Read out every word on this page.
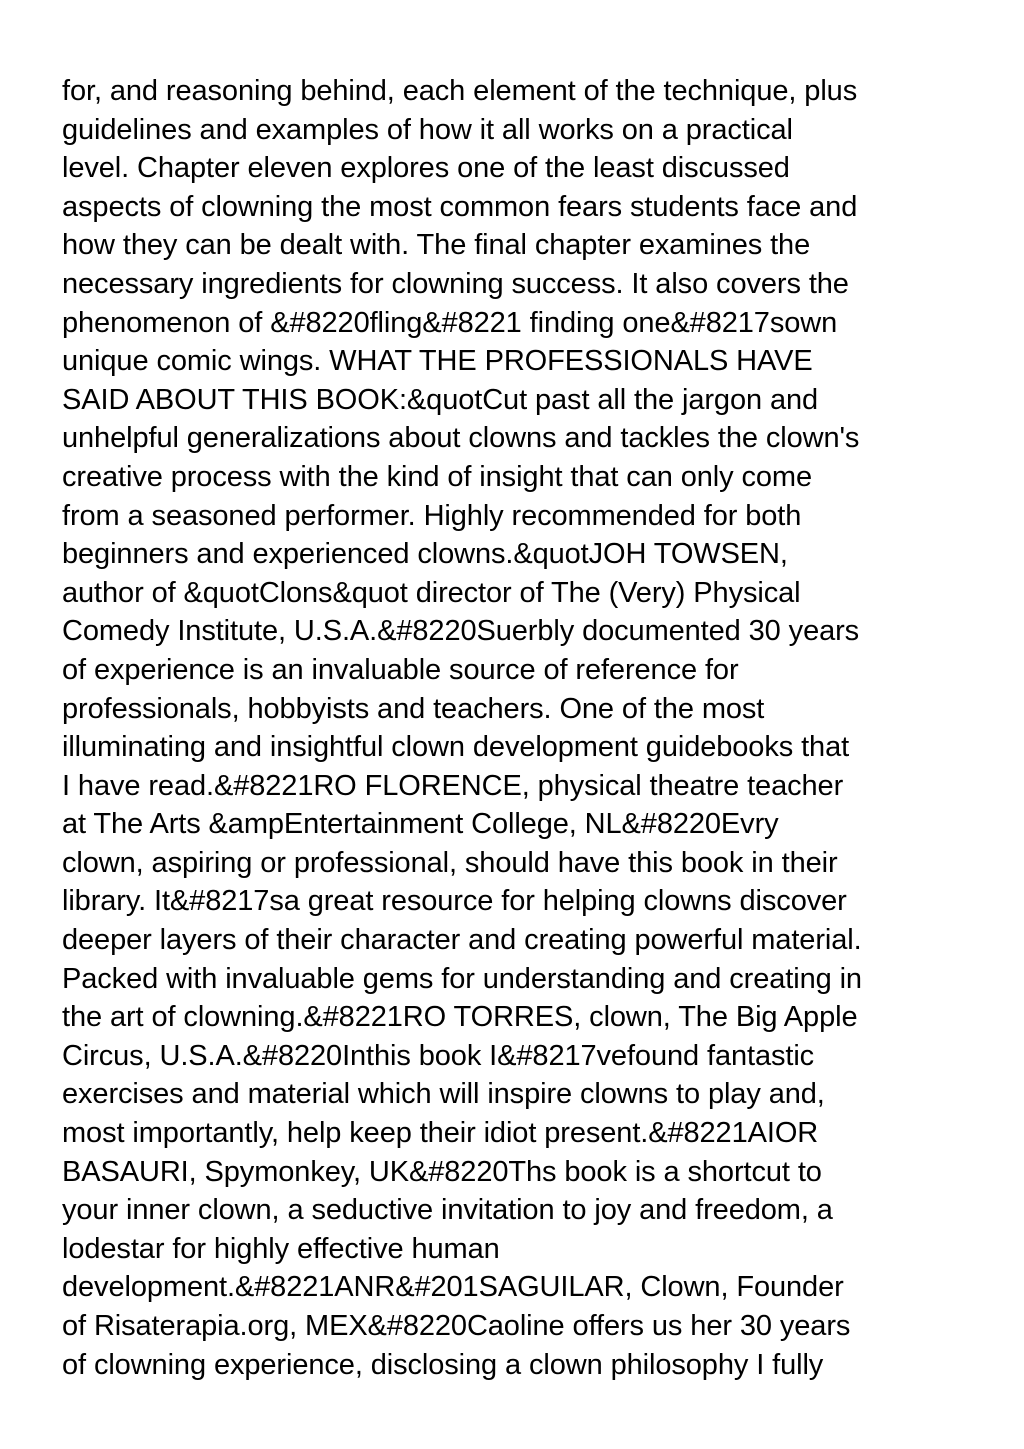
for, and reasoning behind, each element of the technique, plus
guidelines and examples of how it all works on a practical
level. Chapter eleven explores one of the least discussed
aspects of clowning the most common fears students face and
how they can be dealt with. The final chapter examines the
necessary ingredients for clowning success. It also covers the
phenomenon of &#8220fling&#8221 finding one&#8217sown
unique comic wings. WHAT THE PROFESSIONALS HAVE
SAID ABOUT THIS BOOK:&quotCut past all the jargon and
unhelpful generalizations about clowns and tackles the clown's
creative process with the kind of insight that can only come
from a seasoned performer. Highly recommended for both
beginners and experienced clowns.&quotJOH TOWSEN,
author of &quotClons&quot director of The (Very) Physical
Comedy Institute, U.S.A.&#8220Suerbly documented 30 years
of experience is an invaluable source of reference for
professionals, hobbyists and teachers. One of the most
illuminating and insightful clown development guidebooks that
I have read.&#8221RO FLORENCE, physical theatre teacher
at The Arts &ampEntertainment College, NL&#8220Evry
clown, aspiring or professional, should have this book in their
library. It&#8217sa great resource for helping clowns discover
deeper layers of their character and creating powerful material.
Packed with invaluable gems for understanding and creating in
the art of clowning.&#8221RO TORRES, clown, The Big Apple
Circus, U.S.A.&#8220Inthis book I&#8217vefound fantastic
exercises and material which will inspire clowns to play and,
most importantly, help keep their idiot present.&#8221AIOR
BASAURI, Spymonkey, UK&#8220Ths book is a shortcut to
your inner clown, a seductive invitation to joy and freedom, a
lodestar for highly effective human
development.&#8221ANR&#201SAGUILAR, Clown, Founder
of Risaterapia.org, MEX&#8220Caoline offers us her 30 years
of clowning experience, disclosing a clown philosophy I fully
